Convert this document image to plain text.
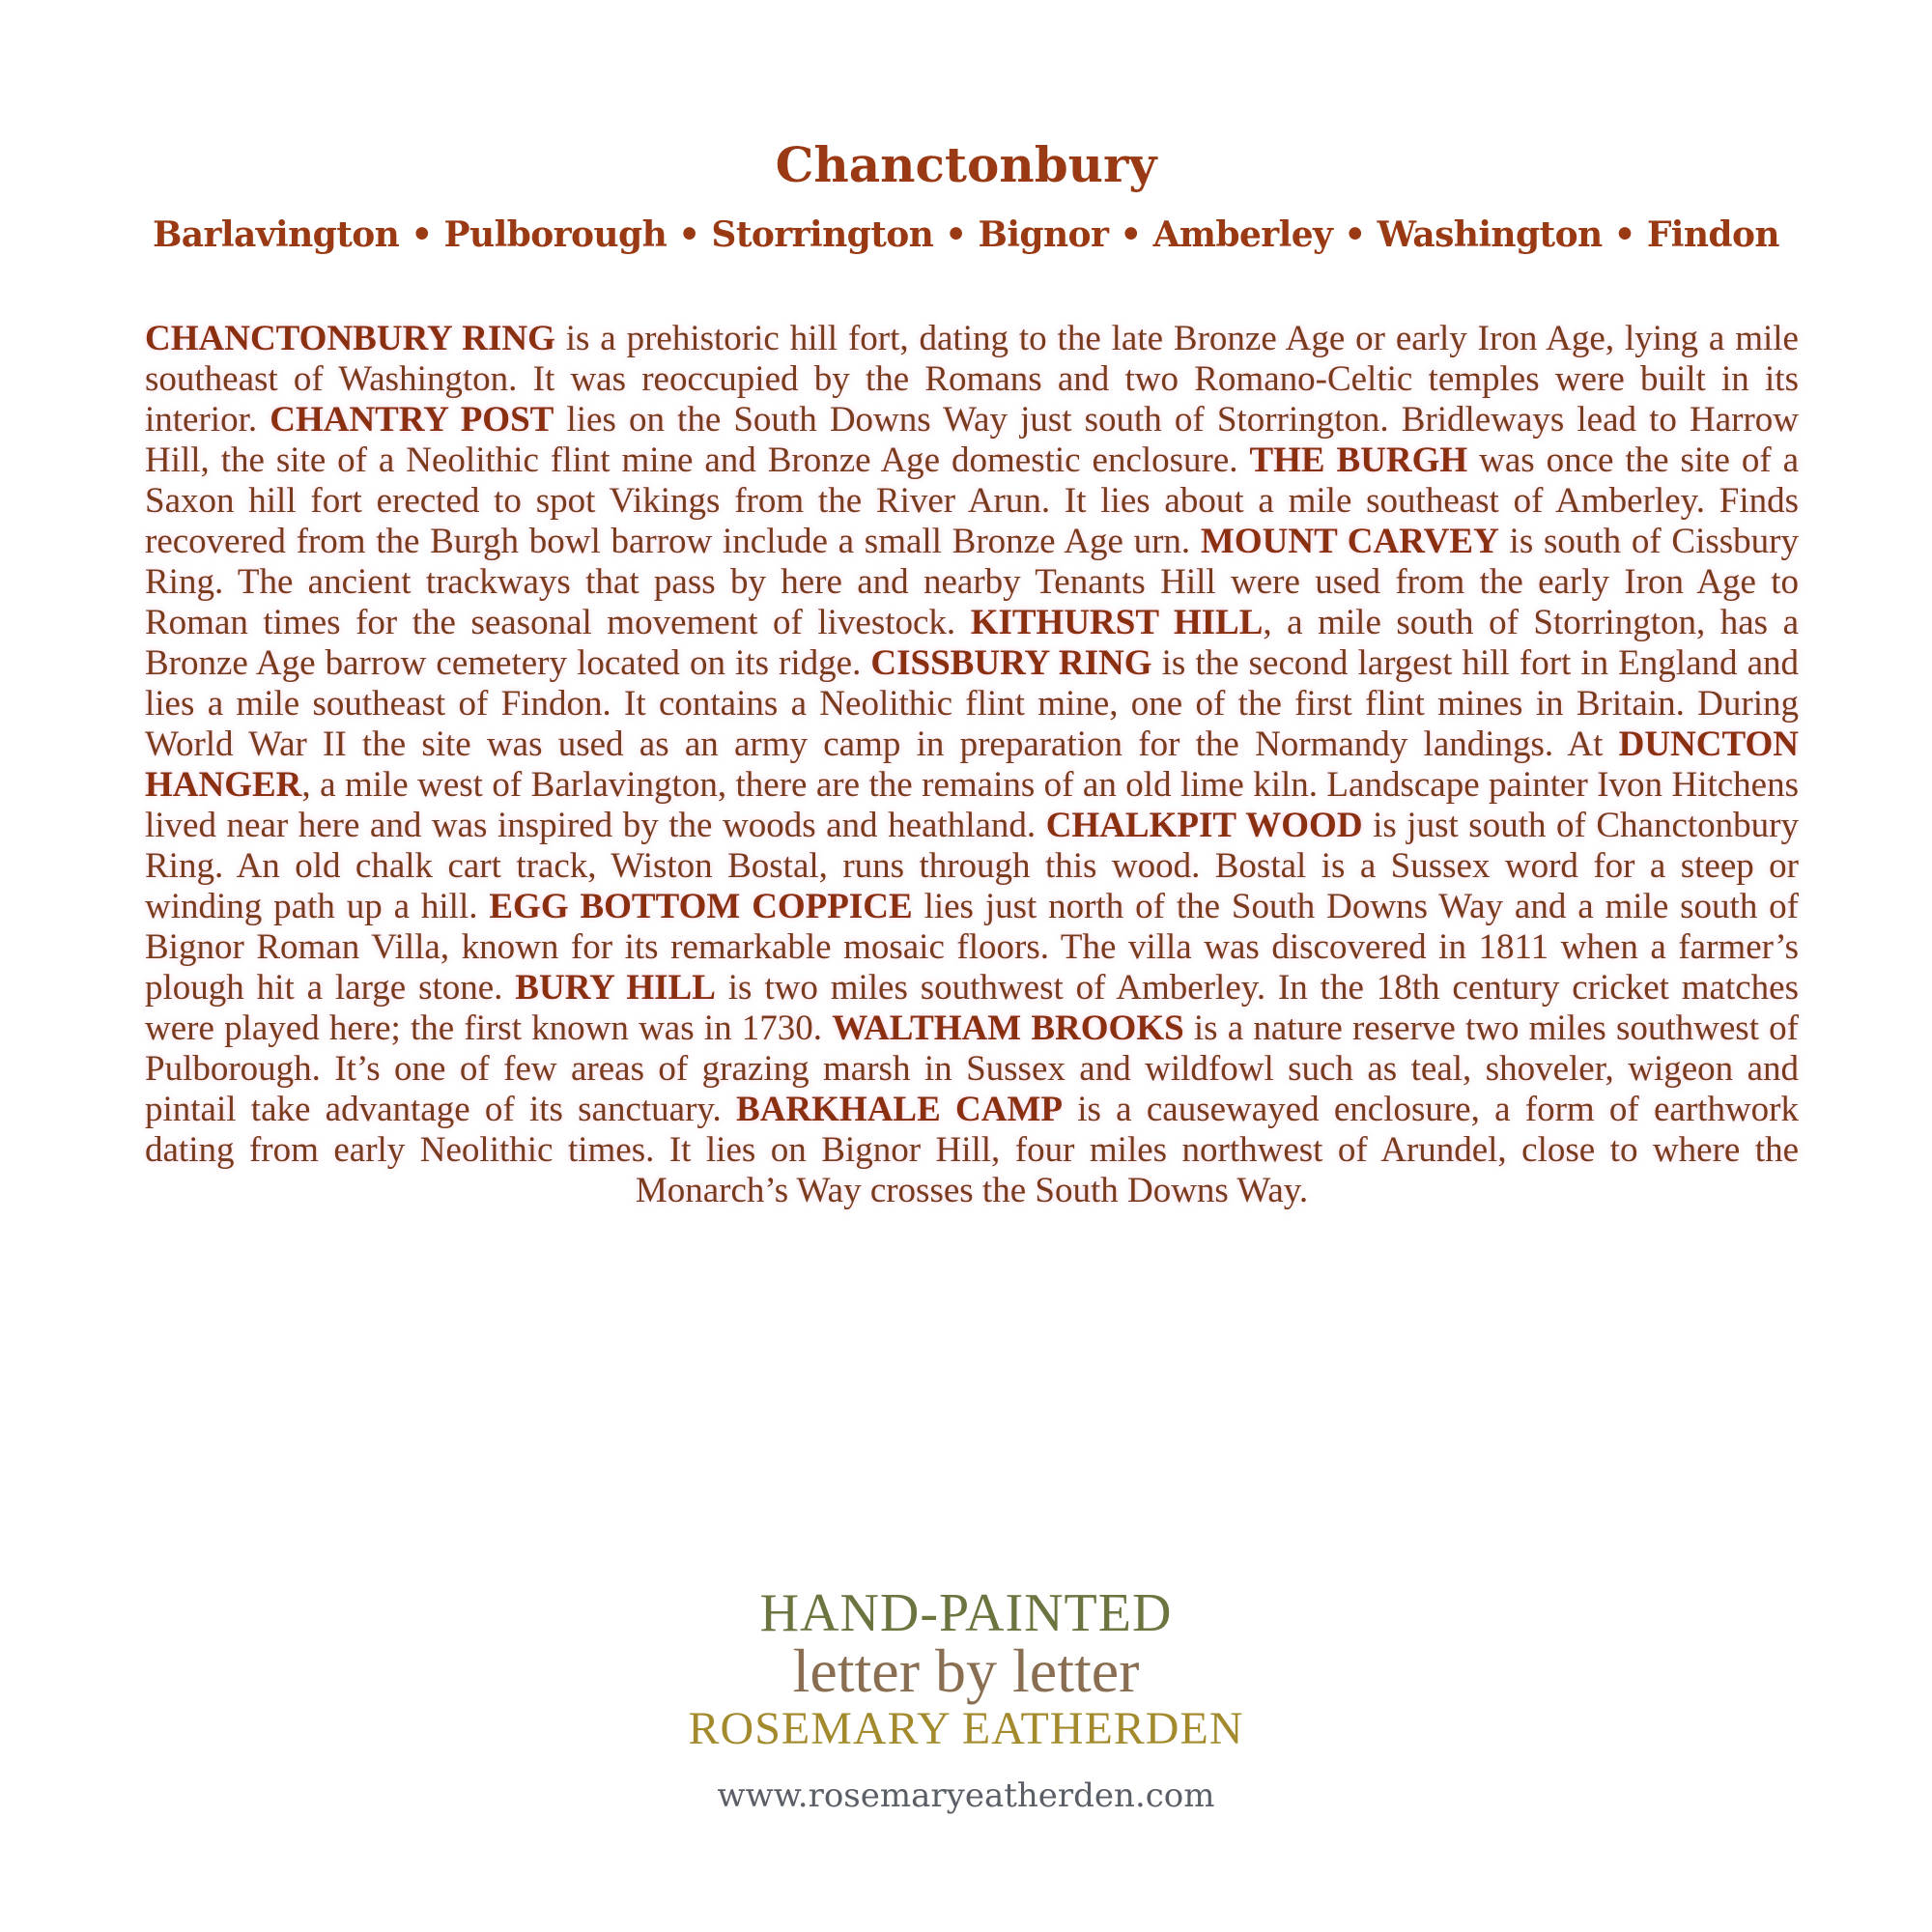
Chanctonbury
Barlavington • Pulborough • Storrington • Bignor • Amberley • Washington • Findon

CHANCTONBURY RING is a prehistoric hill fort, dating to the late Bronze Age or early Iron Age, lying a mile southeast of Washington. It was reoccupied by the Romans and two Romano-Celtic temples were built in its interior. CHANTRY POST lies on the South Downs Way just south of Storrington. Bridleways lead to Harrow Hill, the site of a Neolithic flint mine and Bronze Age domestic enclosure. THE BURGH was once the site of a Saxon hill fort erected to spot Vikings from the River Arun. It lies about a mile southeast of Amberley. Finds recovered from the Burgh bowl barrow include a small Bronze Age urn. MOUNT CARVEY is south of Cissbury Ring. The ancient trackways that pass by here and nearby Tenants Hill were used from the early Iron Age to Roman times for the seasonal movement of livestock. KITHURST HILL, a mile south of Storrington, has a Bronze Age barrow cemetery located on its ridge. CISSBURY RING is the second largest hill fort in England and lies a mile southeast of Findon. It contains a Neolithic flint mine, one of the first flint mines in Britain. During World War II the site was used as an army camp in preparation for the Normandy landings. At DUNCTON HANGER, a mile west of Barlavington, there are the remains of an old lime kiln. Landscape painter Ivon Hitchens lived near here and was inspired by the woods and heathland. CHALKPIT WOOD is just south of Chanctonbury Ring. An old chalk cart track, Wiston Bostal, runs through this wood. Bostal is a Sussex word for a steep or winding path up a hill. EGG BOTTOM COPPICE lies just north of the South Downs Way and a mile south of Bignor Roman Villa, known for its remarkable mosaic floors. The villa was discovered in 1811 when a farmer’s plough hit a large stone. BURY HILL is two miles southwest of Amberley. In the 18th century cricket matches were played here; the first known was in 1730. WALTHAM BROOKS is a nature reserve two miles southwest of Pulborough. It’s one of few areas of grazing marsh in Sussex and wildfowl such as teal, shoveler, wigeon and pintail take advantage of its sanctuary. BARKHALE CAMP is a causewayed enclosure, a form of earthwork dating from early Neolithic times. It lies on Bignor Hill, four miles northwest of Arundel, close to where the Monarch’s Way crosses the South Downs Way.

HAND-PAINTED
letter by letter
ROSEMARY EATHERDEN
www.rosemaryeatherden.com
